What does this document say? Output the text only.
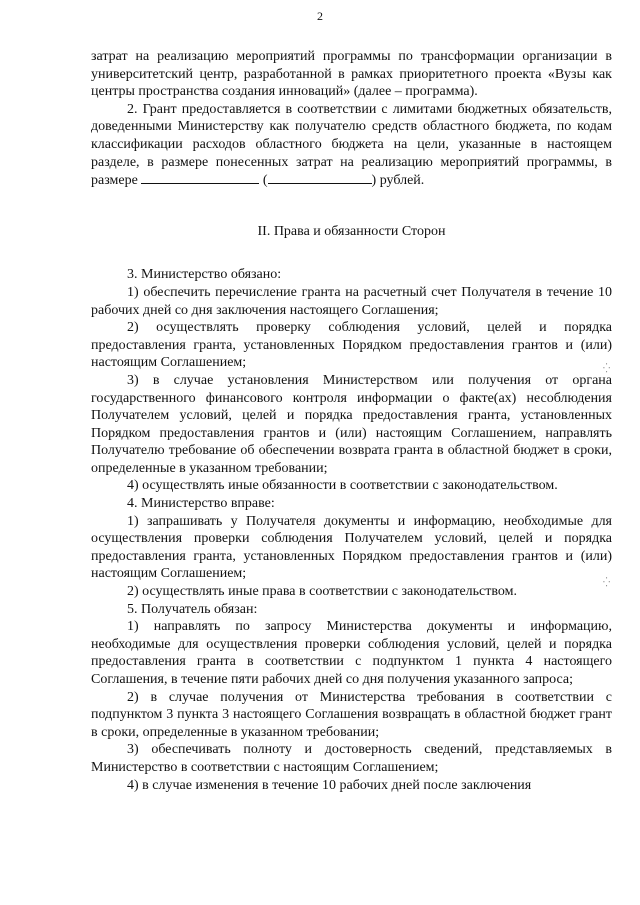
2

затрат на реализацию мероприятий программы по трансформации организации в университетский центр, разработанной в рамках приоритетного проекта «Вузы как центры пространства создания инноваций» (далее – программа).

2. Грант предоставляется в соответствии с лимитами бюджетных обязательств, доведенными Министерству как получателю средств областного бюджета, по кодам классификации расходов областного бюджета на цели, указанные в настоящем разделе, в размере понесенных затрат на реализацию мероприятий программы, в размере	(	) рублей.

II. Права и обязанности Сторон

3. Министерство обязано:

1) обеспечить перечисление гранта на расчетный счет Получателя в течение 10 рабочих дней со дня заключения настоящего Соглашения;

2) осуществлять проверку соблюдения условий, целей и порядка предоставления гранта, установленных Порядком предоставления грантов и (или) настоящим Соглашением;

3) в случае установления Министерством или получения от органа государственного финансового контроля информации о факте(ах) несоблюдения Получателем условий, целей и порядка предоставления гранта, установленных Порядком предоставления грантов и (или) настоящим Соглашением, направлять Получателю требование об обеспечении возврата гранта в областной бюджет в сроки, определенные в указанном требовании;

4) осуществлять иные обязанности в соответствии с законодательством.

4. Министерство вправе:

1) запрашивать у Получателя документы и информацию, необходимые для осуществления проверки соблюдения Получателем условий, целей и порядка предоставления гранта, установленных Порядком предоставления грантов и (или) настоящим Соглашением;

2) осуществлять иные права в соответствии с законодательством.

5. Получатель обязан:

1) направлять по запросу Министерства документы и информацию, необходимые для осуществления проверки соблюдения условий, целей и порядка предоставления гранта в соответствии с подпунктом 1 пункта 4 настоящего Соглашения, в течение пяти рабочих дней со дня получения указанного запроса;

2) в случае получения от Министерства требования в соответствии с подпунктом 3 пункта 3 настоящего Соглашения возвращать в областной бюджет грант в сроки, определенные в указанном требовании;

3) обеспечивать полноту и достоверность сведений, представляемых в Министерство в соответствии с настоящим Соглашением;

4) в случае изменения в течение 10 рабочих дней после заключения

⁛
⁛
